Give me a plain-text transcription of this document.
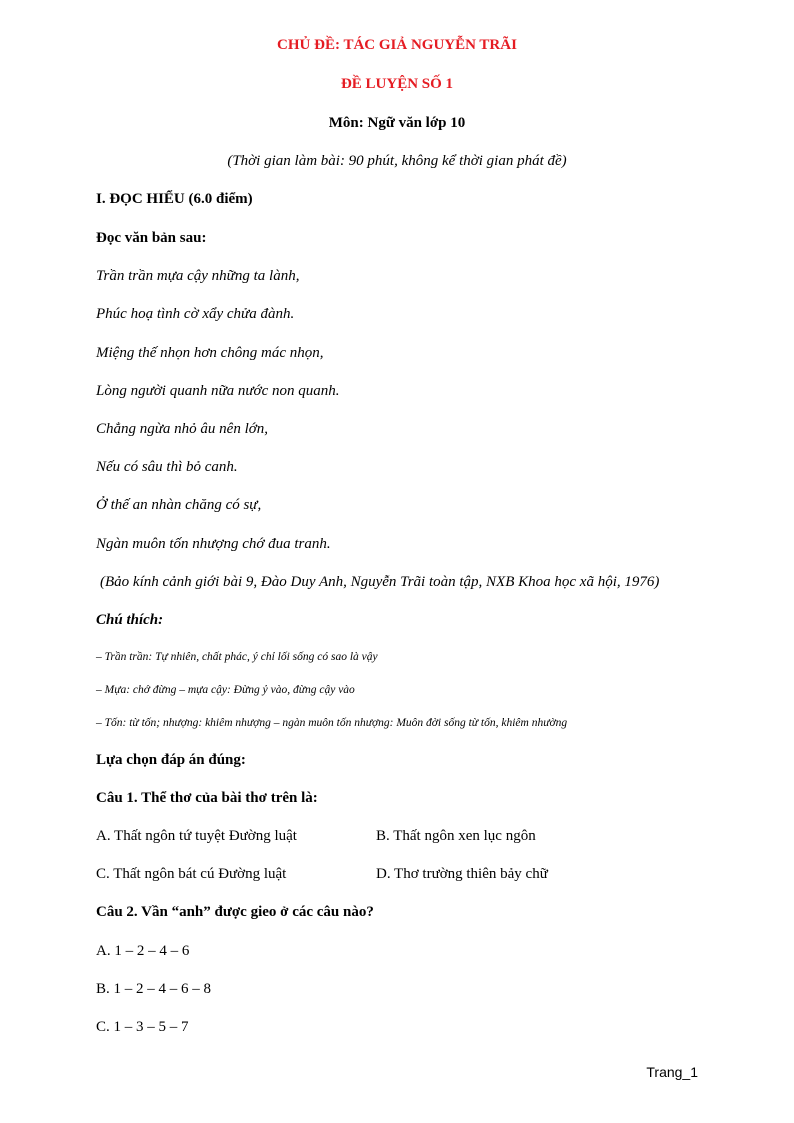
CHỦ ĐỀ: TÁC GIẢ NGUYỄN TRÃI
ĐỀ LUYỆN SỐ 1
Môn: Ngữ văn lớp 10
(Thời gian làm bài: 90 phút, không kể thời gian phát đề)
I. ĐỌC HIỂU (6.0 điểm)
Đọc văn bản sau:
Trần trần mựa cậy những ta lành,
Phúc hoạ tình cờ xẩy chửa đành.
Miệng thế nhọn hơn chông mác nhọn,
Lòng người quanh nữa nước non quanh.
Chẳng ngừa nhỏ âu nên lớn,
Nếu có sâu thì bỏ canh.
Ở thế an nhàn chăng có sự,
Ngàn muôn tốn nhượng chớ đua tranh.
(Bảo kính cảnh giới bài 9, Đào Duy Anh, Nguyễn Trãi toàn tập, NXB Khoa học xã hội, 1976)
Chú thích:
– Trần trần: Tự nhiên, chất phác, ý chỉ lối sống có sao là vậy
– Mựa: chớ đừng – mựa cậy: Đừng ỷ vào, đừng cậy vào
– Tốn: từ tốn; nhượng: khiêm nhượng – ngàn muôn tốn nhượng: Muôn đời sống từ tốn, khiêm nhường
Lựa chọn đáp án đúng:
Câu 1. Thể thơ của bài thơ trên là:
A. Thất ngôn tứ tuyệt Đường luật	B. Thất ngôn xen lục ngôn
C. Thất ngôn bát cú Đường luật	D. Thơ trường thiên bảy chữ
Câu 2. Vần “anh” được gieo ở các câu nào?
A. 1 – 2 – 4 – 6
B. 1 – 2 – 4 – 6 – 8
C. 1 – 3 – 5 – 7
Trang_1
